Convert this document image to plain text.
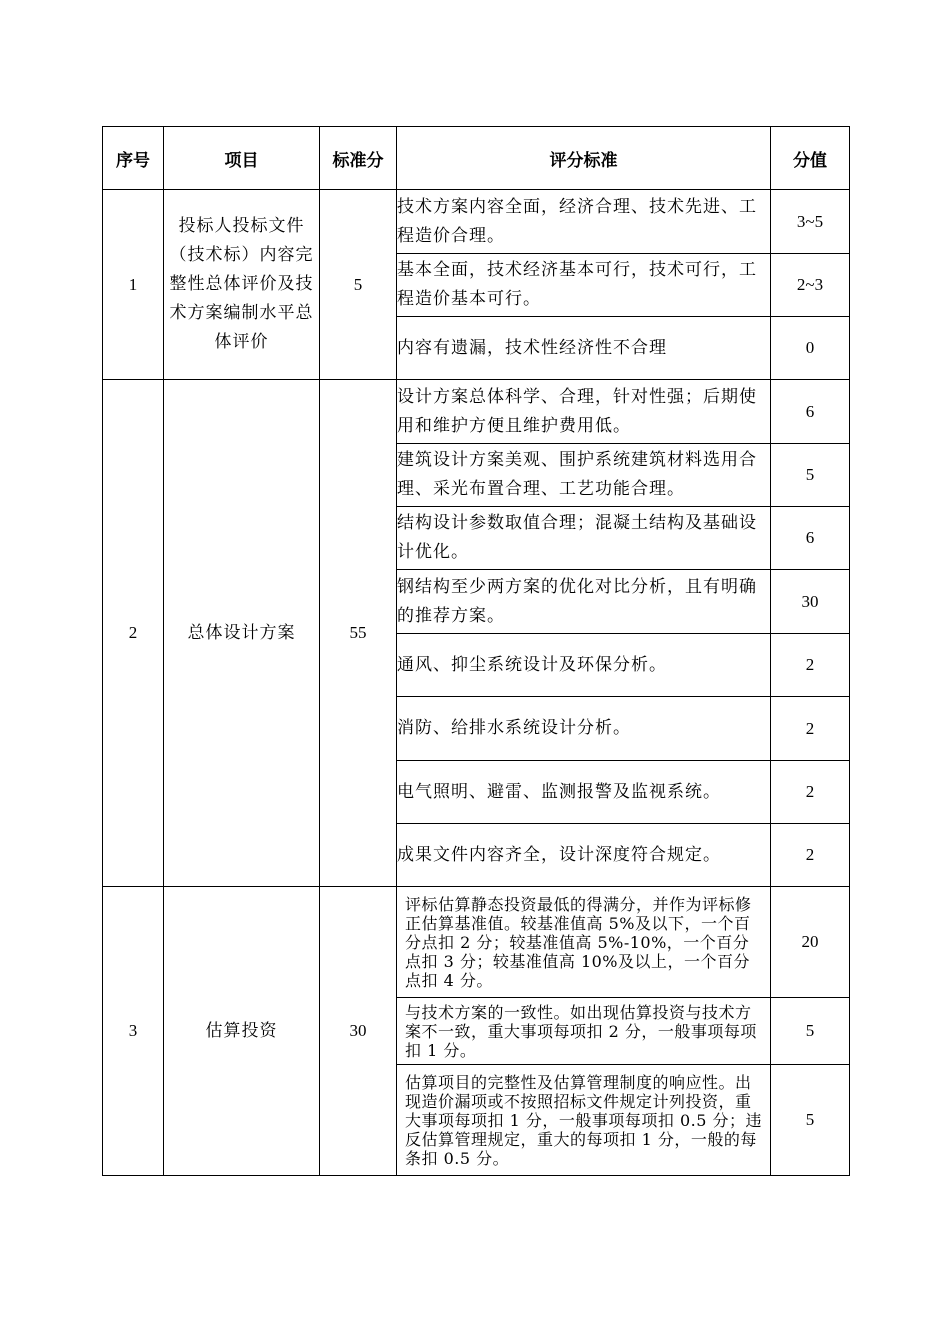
序号	项目	标准分	评分标准	分值
1	投标人投标文件（技术标）内容完整性总体评价及技术方案编制水平总体评价	5	技术方案内容全面，经济合理、技术先进、工程造价合理。	3~5
			基本全面，技术经济基本可行，技术可行，工程造价基本可行。	2~3
			内容有遗漏，技术性经济性不合理	0
2	总体设计方案	55	设计方案总体科学、合理，针对性强；后期使用和维护方便且维护费用低。	6
			建筑设计方案美观、围护系统建筑材料选用合理、采光布置合理、工艺功能合理。	5
			结构设计参数取值合理；混凝土结构及基础设计优化。	6
			钢结构至少两方案的优化对比分析，且有明确的推荐方案。	30
			通风、抑尘系统设计及环保分析。	2
			消防、给排水系统设计分析。	2
			电气照明、避雷、监测报警及监视系统。	2
			成果文件内容齐全，设计深度符合规定。	2
3	估算投资	30	评标估算静态投资最低的得满分，并作为评标修正估算基准值。较基准值高 5%及以下，一个百分点扣 2 分；较基准值高 5%-10%，一个百分点扣 3 分；较基准值高 10%及以上，一个百分点扣 4 分。	20
			与技术方案的一致性。如出现估算投资与技术方案不一致，重大事项每项扣 2 分，一般事项每项扣 1 分。	5
			估算项目的完整性及估算管理制度的响应性。出现造价漏项或不按照招标文件规定计列投资，重大事项每项扣 1 分，一般事项每项扣 0.5 分；违反估算管理规定，重大的每项扣 1 分，一般的每条扣 0.5 分。	5
